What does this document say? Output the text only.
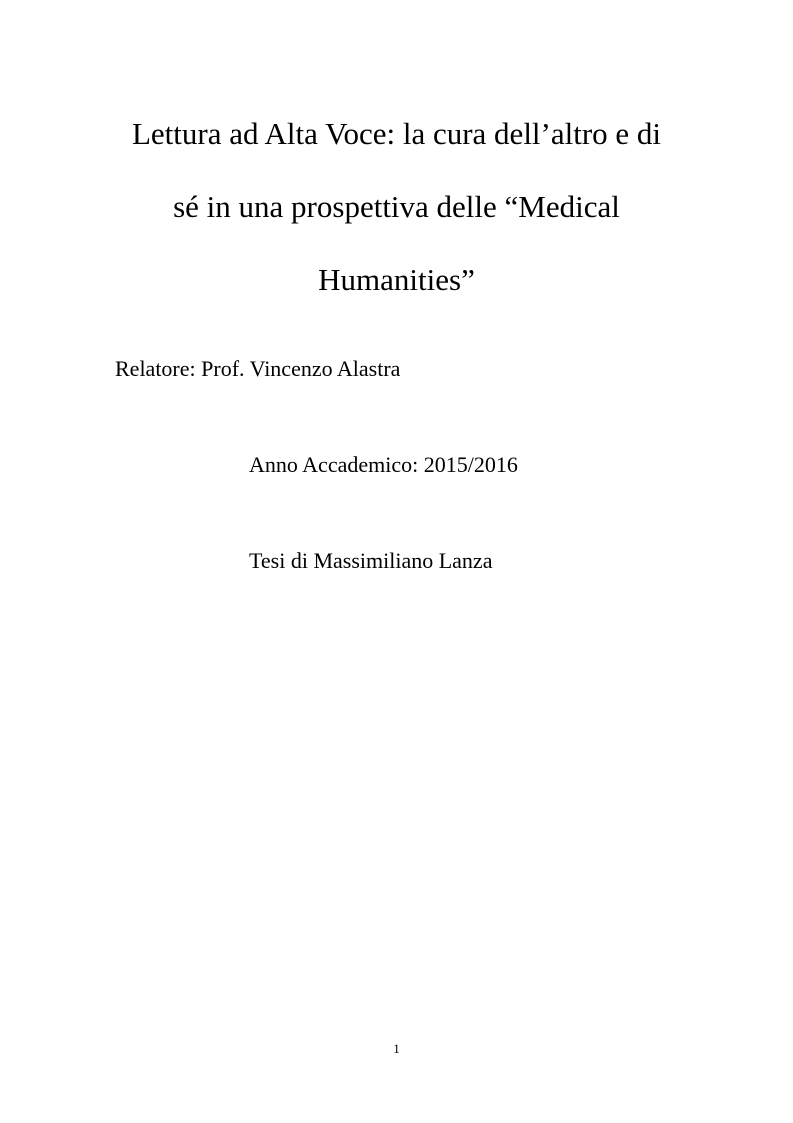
Lettura ad Alta Voce: la cura dell’altro e di
sé in una prospettiva delle “Medical
Humanities”

Relatore: Prof. Vincenzo Alastra

Anno Accademico: 2015/2016

Tesi di Massimiliano Lanza

1
